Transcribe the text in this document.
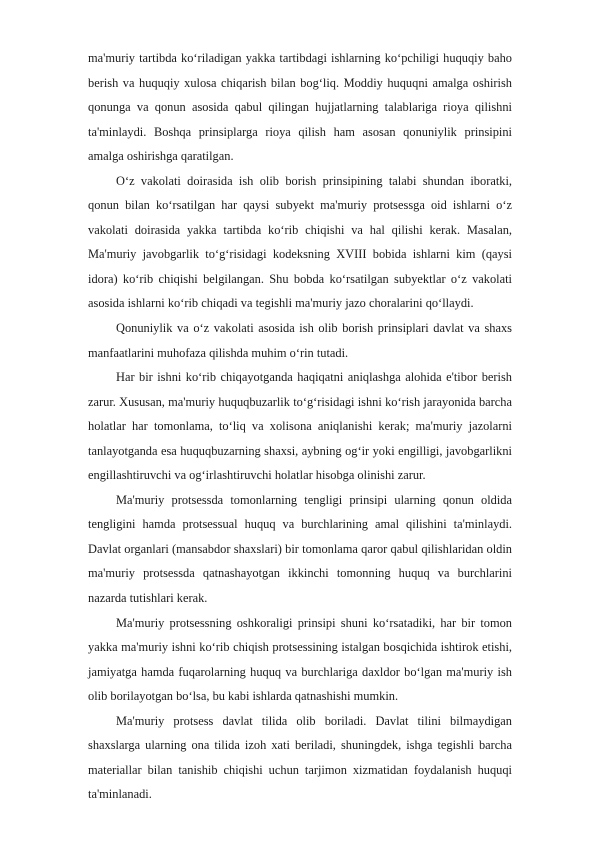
ma'muriy tartibda ko‘riladigan yakka tartibdagi ishlarning ko‘pchiligi huquqiy baho berish va huquqiy xulosa chiqarish bilan bog‘liq. Moddiy huquqni amalga oshirish qonunga va qonun asosida qabul qilingan hujjatlarning talablariga rioya qilishni ta'minlaydi. Boshqa prinsiplarga rioya qilish ham asosan qonuniylik prinsipini amalga oshirishga qaratilgan.

O‘z vakolati doirasida ish olib borish prinsipining talabi shundan iboratki, qonun bilan ko‘rsatilgan har qaysi subyekt ma'muriy protsessga oid ishlarni o‘z vakolati doirasida yakka tartibda ko‘rib chiqishi va hal qilishi kerak. Masalan, Ma'muriy javobgarlik to‘g‘risidagi kodeksning XVIII bobida ishlarni kim (qaysi idora) ko‘rib chiqishi belgilangan. Shu bobda ko‘rsatilgan subyektlar o‘z vakolati asosida ishlarni ko‘rib chiqadi va tegishli ma'muriy jazo choralarini qo‘llaydi.

Qonuniylik va o‘z vakolati asosida ish olib borish prinsiplari davlat va shaxs manfaatlarini muhofaza qilishda muhim o‘rin tutadi.

Har bir ishni ko‘rib chiqayotganda haqiqatni aniqlashga alohida e'tibor berish zarur. Xususan, ma'muriy huquqbuzarlik to‘g‘risidagi ishni ko‘rish jarayonida barcha holatlar har tomonlama, to‘liq va xolisona aniqlanishi kerak; ma'muriy jazolarni tanlayotganda esa huquqbuzarning shaxsi, aybning og‘ir yoki engilligi, javobgarlikni engillashtiruvchi va og‘irlashtiruvchi holatlar hisobga olinishi zarur.

Ma'muriy protsessda tomonlarning tengligi prinsipi ularning qonun oldida tengligini hamda protsessual huquq va burchlarining amal qilishini ta'minlaydi. Davlat organlari (mansabdor shaxslari) bir tomonlama qaror qabul qilishlaridan oldin ma'muriy protsessda qatnashayotgan ikkinchi tomonning huquq va burchlarini nazarda tutishlari kerak.

Ma'muriy protsessning oshkoraligi prinsipi shuni ko‘rsatadiki, har bir tomon yakka ma'muriy ishni ko‘rib chiqish protsessining istalgan bosqichida ishtirok etishi, jamiyatga hamda fuqarolarning huquq va burchlariga daxldor bo‘lgan ma'muriy ish olib borilayotgan bo‘lsa, bu kabi ishlarda qatnashishi mumkin.

Ma'muriy protsess davlat tilida olib boriladi. Davlat tilini bilmaydigan shaxslarga ularning ona tilida izoh xati beriladi, shuningdek, ishga tegishli barcha materiallar bilan tanishib chiqishi uchun tarjimon xizmatidan foydalanish huquqi ta'minlanadi.
